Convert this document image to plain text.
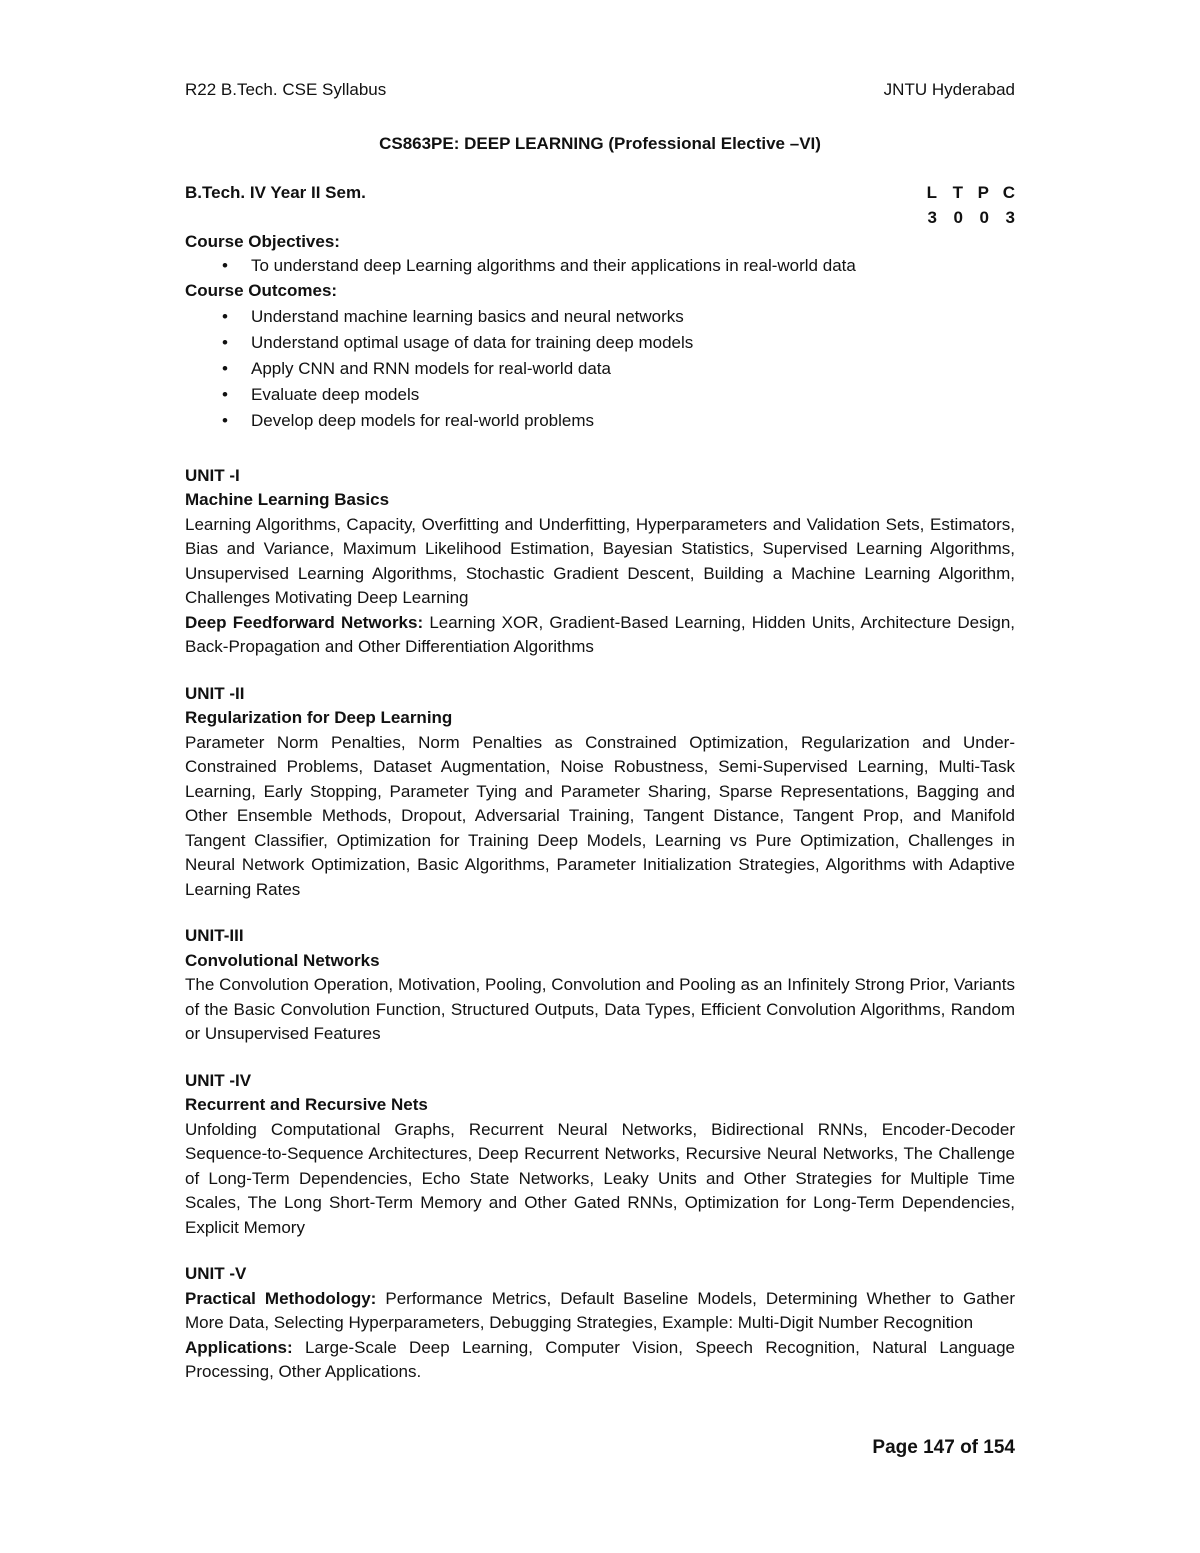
R22 B.Tech. CSE Syllabus	JNTU Hyderabad
CS863PE: DEEP LEARNING (Professional Elective –VI)
B.Tech. IV Year II Sem.	L T P C
3 0 0 3
Course Objectives:
• To understand deep Learning algorithms and their applications in real-world data
Course Outcomes:
• Understand machine learning basics and neural networks
• Understand optimal usage of data for training deep models
• Apply CNN and RNN models for real-world data
• Evaluate deep models
• Develop deep models for real-world problems
UNIT -I
Machine Learning Basics
Learning Algorithms, Capacity, Overfitting and Underfitting, Hyperparameters and Validation Sets, Estimators, Bias and Variance, Maximum Likelihood Estimation, Bayesian Statistics, Supervised Learning Algorithms, Unsupervised Learning Algorithms, Stochastic Gradient Descent, Building a Machine Learning Algorithm, Challenges Motivating Deep Learning
Deep Feedforward Networks: Learning XOR, Gradient-Based Learning, Hidden Units, Architecture Design, Back-Propagation and Other Differentiation Algorithms
UNIT -II
Regularization for Deep Learning
Parameter Norm Penalties, Norm Penalties as Constrained Optimization, Regularization and Under-Constrained Problems, Dataset Augmentation, Noise Robustness, Semi-Supervised Learning, Multi-Task Learning, Early Stopping, Parameter Tying and Parameter Sharing, Sparse Representations, Bagging and Other Ensemble Methods, Dropout, Adversarial Training, Tangent Distance, Tangent Prop, and Manifold Tangent Classifier, Optimization for Training Deep Models, Learning vs Pure Optimization, Challenges in Neural Network Optimization, Basic Algorithms, Parameter Initialization Strategies, Algorithms with Adaptive Learning Rates
UNIT-III
Convolutional Networks
The Convolution Operation, Motivation, Pooling, Convolution and Pooling as an Infinitely Strong Prior, Variants of the Basic Convolution Function, Structured Outputs, Data Types, Efficient Convolution Algorithms, Random or Unsupervised Features
UNIT -IV
Recurrent and Recursive Nets
Unfolding Computational Graphs, Recurrent Neural Networks, Bidirectional RNNs, Encoder-Decoder Sequence-to-Sequence Architectures, Deep Recurrent Networks, Recursive Neural Networks, The Challenge of Long-Term Dependencies, Echo State Networks, Leaky Units and Other Strategies for Multiple Time Scales, The Long Short-Term Memory and Other Gated RNNs, Optimization for Long-Term Dependencies, Explicit Memory
UNIT -V
Practical Methodology: Performance Metrics, Default Baseline Models, Determining Whether to Gather More Data, Selecting Hyperparameters, Debugging Strategies, Example: Multi-Digit Number Recognition
Applications: Large-Scale Deep Learning, Computer Vision, Speech Recognition, Natural Language Processing, Other Applications.
Page 147 of 154
